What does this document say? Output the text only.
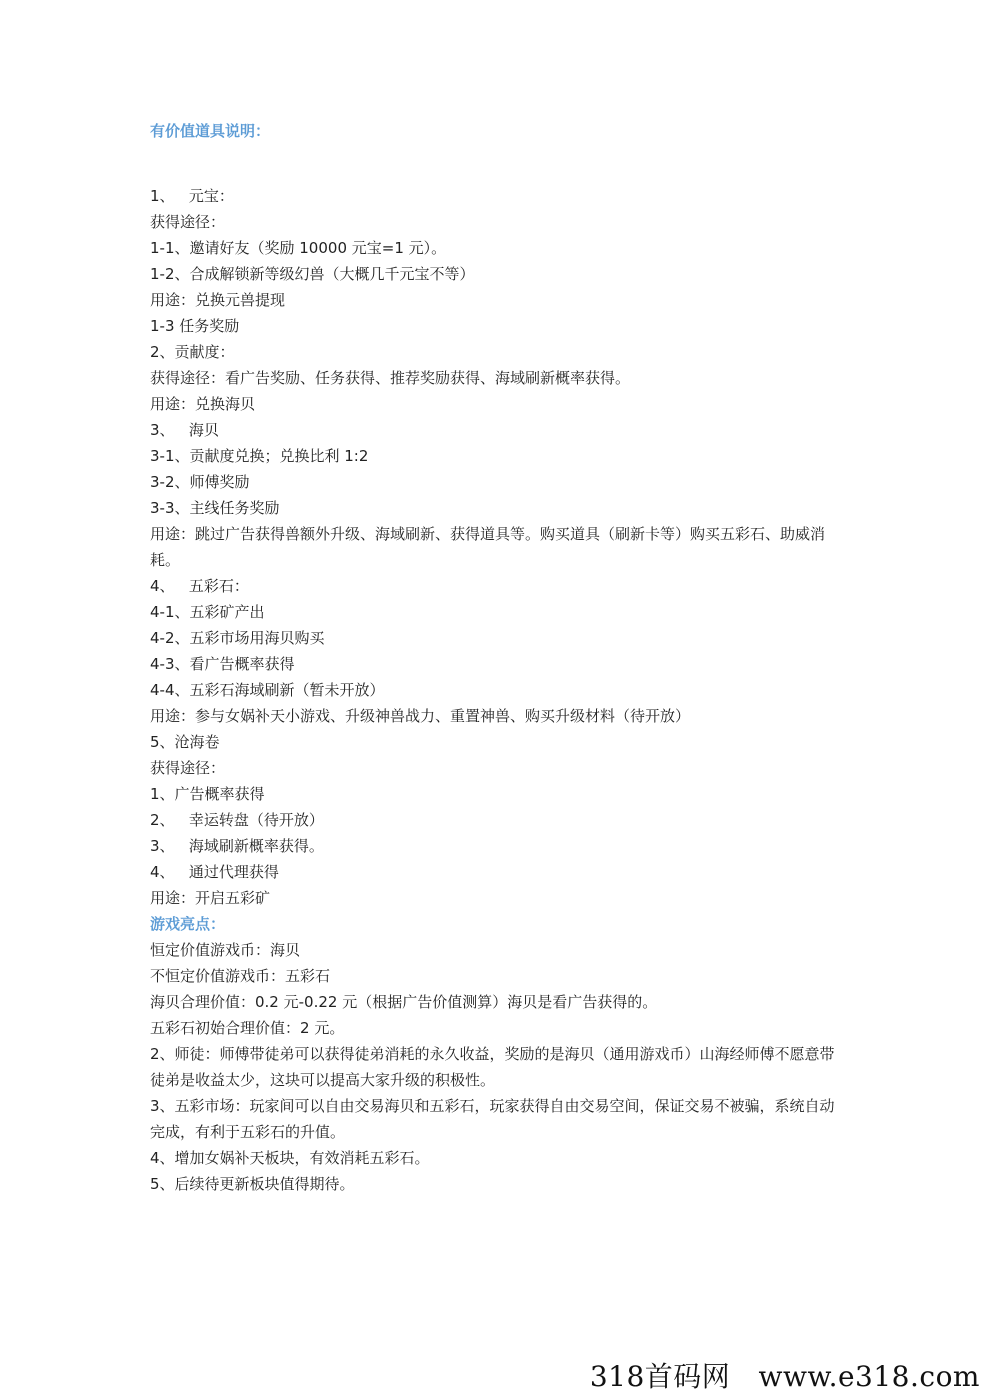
有价值道具说明：
1、   元宝：
获得途径：
1-1、邀请好友（奖励 10000 元宝=1 元）。
1-2、合成解锁新等级幻兽（大概几千元宝不等）
用途：兑换元兽提现
1-3 任务奖励
2、贡献度：
获得途径：看广告奖励、任务获得、推荐奖励获得、海域刷新概率获得。
用途：兑换海贝
3、   海贝
3-1、贡献度兑换；兑换比利 1:2
3-2、师傅奖励
3-3、主线任务奖励
用途：跳过广告获得兽额外升级、海域刷新、获得道具等。购买道具（刷新卡等）购买五彩石、助威消耗。
4、   五彩石：
4-1、五彩矿产出
4-2、五彩市场用海贝购买
4-3、看广告概率获得
4-4、五彩石海域刷新（暂未开放）
用途：参与女娲补天小游戏、升级神兽战力、重置神兽、购买升级材料（待开放）
5、沧海卷
获得途径：
1、广告概率获得
2、   幸运转盘（待开放）
3、   海域刷新概率获得。
4、   通过代理获得
用途：开启五彩矿
游戏亮点：
恒定价值游戏币：海贝
不恒定价值游戏币：五彩石
海贝合理价值：0.2 元-0.22 元（根据广告价值测算）海贝是看广告获得的。
五彩石初始合理价值：2 元。
2、师徒：师傅带徒弟可以获得徒弟消耗的永久收益，奖励的是海贝（通用游戏币）山海经师傅不愿意带徒弟是收益太少，这块可以提高大家升级的积极性。
3、五彩市场：玩家间可以自由交易海贝和五彩石，玩家获得自由交易空间，保证交易不被骗，系统自动完成，有利于五彩石的升值。
4、增加女娲补天板块，有效消耗五彩石。
5、后续待更新板块值得期待。
318首码网   www.e318.com
